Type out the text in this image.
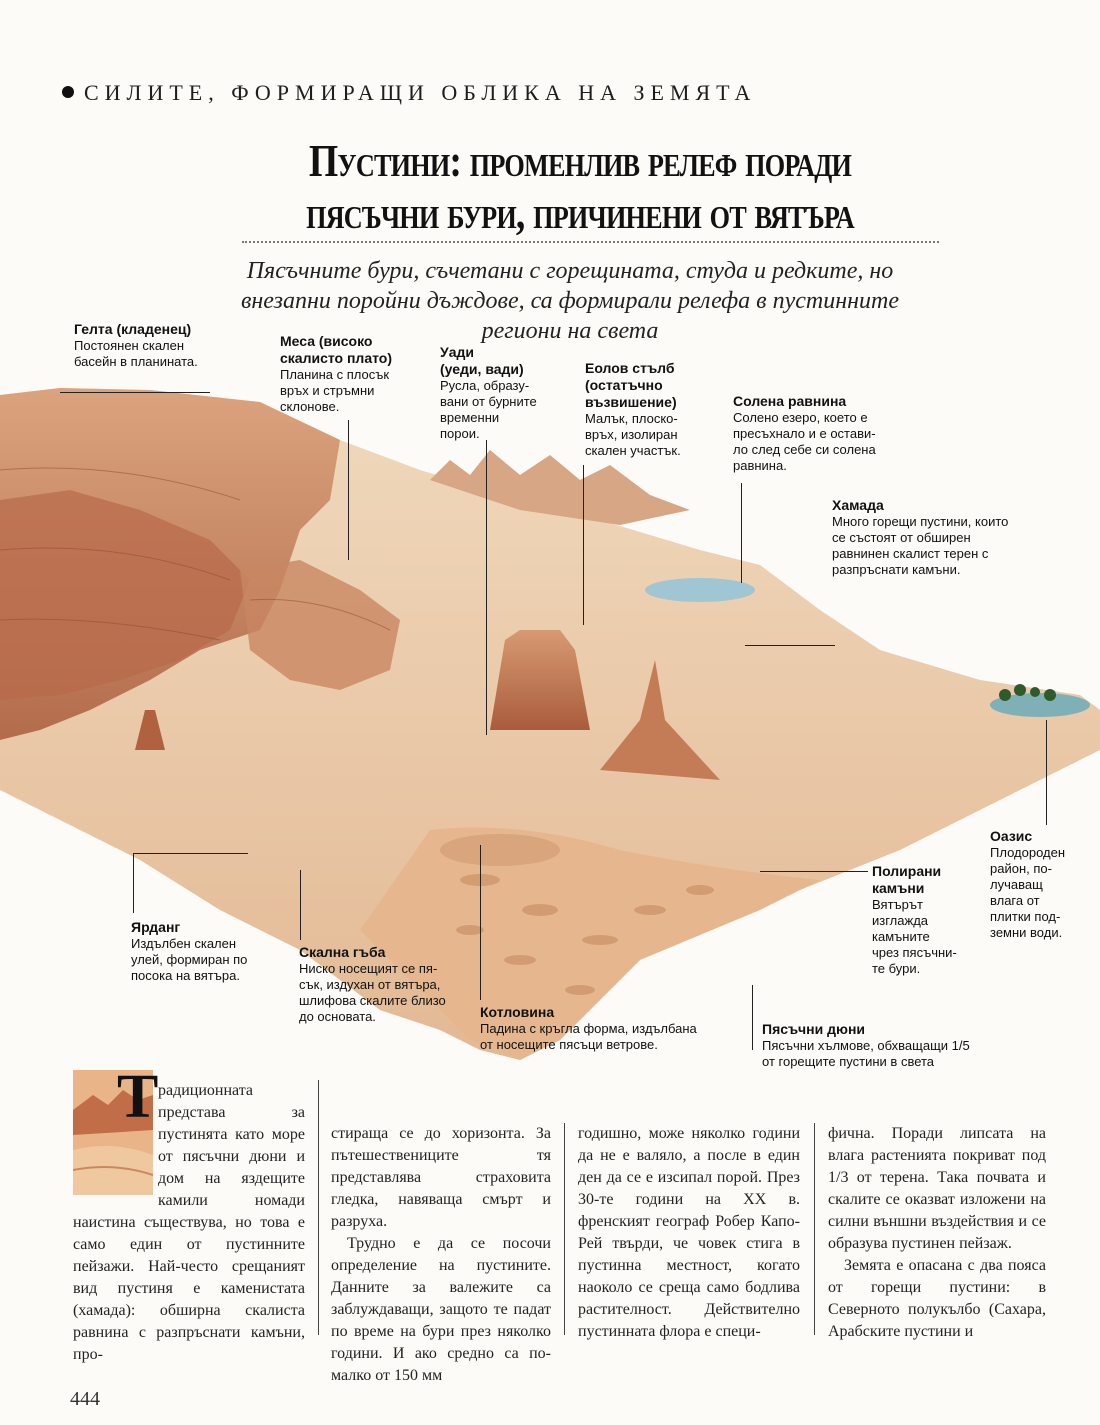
СИЛИТЕ, ФОРМИРАЩИ ОБЛИКА НА ЗЕМЯТА
Пустини: променлив релеф поради
пясъчни бури, причинени от вятъра
Пясъчните бури, съчетани с горещината, студа и редките, но внезапни поройни дъждове, са формирали релефа в пустинните региони на света
Гелта (кладенец)
Постоянен скален
басейн в планината.
Меса (високо
скалисто плато)
Планина с плосък
връх и стръмни
склонове.
Уади
(уеди, вади)
Русла, образу-
вани от бурните
временни
порои.
Еолов стълб
(остатъчно
възвишение)
Малък, плоско-
връх, изолиран
скален участък.
Солена равнина
Солено езеро, което е
пресъхнало и е остави-
ло след себе си солена
равнина.
Хамада
Много горещи пустини, които
се състоят от обширен
равнинен скалист терен с
разпръснати камъни.
Оазис
Плодороден
район, по-
лучаващ
влага от
плитки под-
земни води.
Полирани
камъни
Вятърът
изглажда
камъните
чрез пясъчни-
те бури.
Ярданг
Издълбен скален
улей, формиран по
посока на вятъра.
Скална гъба
Ниско носещият се пя-
сък, издухан от вятъра,
шлифова скалите близо
до основата.	Котловина
Падина с кръгла форма, издълбана
от носещите пясъци ветрове.
Пясъчни дюни
Пясъчни хълмове, обхващащи 1/5
от горещите пустини в света
Т радиционната представа за пустинята като море от пясъчни дюни и дом на яздещите камили номади наистина съществува, но това е само един от пустинните пейзажи. Най-често срещаният вид пустиня е каменистата (хамада): обширна скалиста равнина с разпръснати камъни, про-

стираща се до хоризонта. За пътешествениците тя представлява страховита гледка, навяваща смърт и разруха.

Трудно е да се посочи определение на пустините. Данните за валежите са заблуждаващи, защото те падат по време на бури през няколко години. И ако средно са по-малко от 150 мм

годишно, може няколко години да не е валяло, а после в един ден да се е изсипал порой. През 30-те години на ХХ в. френският географ Робер Капо-Рей твърди, че човек стига в пустинна местност, когато наоколо се среща само бодлива растителност. Действително пустинната флора е специ-

фична. Поради липсата на влага растенията покриват под 1/3 от терена. Така почвата и скалите се оказват изложени на силни външни въздействия и се образува пустинен пейзаж.

Земята е опасана с два пояса от горещи пустини: в Северното полукълбо (Сахара, Арабските пустини и

444
